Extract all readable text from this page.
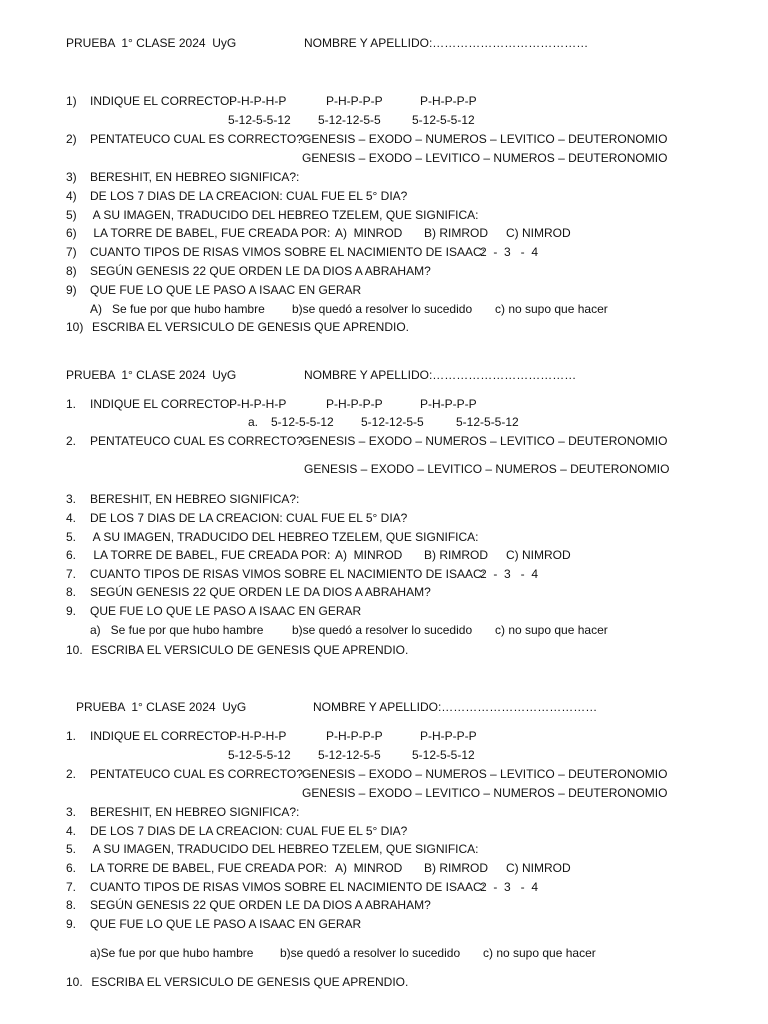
PRUEBA  1° CLASE 2024  UyG	NOMBRE Y APELLIDO:…………………………………
1) INDIQUE EL CORRECTO:
P-H-P-H-P	P-H-P-P-P	P-H-P-P-P
5-12-5-5-12 5-12-12-5-5	5-12-5-5-12
2) PENTATEUCO CUAL ES CORRECTO? GENESIS – EXODO – NUMEROS – LEVITICO – DEUTERONOMIO
GENESIS – EXODO – LEVITICO – NUMEROS – DEUTERONOMIO
3) BERESHIT, EN HEBREO SIGNIFICA?:
4) DE LOS 7 DIAS DE LA CREACION: CUAL FUE EL 5° DIA?
5) A SU IMAGEN, TRADUCIDO DEL HEBREO TZELEM, QUE SIGNIFICA:
6) LA TORRE DE BABEL, FUE CREADA POR: A)  MINROD B) RIMROD C) NIMROD
7) CUANTO TIPOS DE RISAS VIMOS SOBRE EL NACIMIENTO DE ISAAC:
2  -  3   -  4
8) SEGÚN GENESIS 22 QUE ORDEN LE DA DIOS A ABRAHAM?
9) QUE FUE LO QUE LE PASO A ISAAC EN GERAR
A)   Se fue por que hubo hambre b)se quedó a resolver lo sucedido c) no supo que hacer
10) ESCRIBA EL VERSICULO DE GENESIS QUE APRENDIO.
PRUEBA  1° CLASE 2024  UyG	NOMBRE Y APELLIDO:………………………………
1. INDIQUE EL CORRECTO:
P-H-P-H-P	P-H-P-P-P	P-H-P-P-P
a. 5-12-5-5-12 5-12-12-5-5	5-12-5-5-12
2. PENTATEUCO CUAL ES CORRECTO? GENESIS – EXODO – NUMEROS – LEVITICO – DEUTERONOMIO
GENESIS – EXODO – LEVITICO – NUMEROS – DEUTERONOMIO
3. BERESHIT, EN HEBREO SIGNIFICA?:
4. DE LOS 7 DIAS DE LA CREACION: CUAL FUE EL 5° DIA?
5. A SU IMAGEN, TRADUCIDO DEL HEBREO TZELEM, QUE SIGNIFICA:
6. LA TORRE DE BABEL, FUE CREADA POR: A)  MINROD B) RIMROD C) NIMROD
7. CUANTO TIPOS DE RISAS VIMOS SOBRE EL NACIMIENTO DE ISAAC:
2  -  3   -  4
8. SEGÚN GENESIS 22 QUE ORDEN LE DA DIOS A ABRAHAM?
9. QUE FUE LO QUE LE PASO A ISAAC EN GERAR
a)   Se fue por que hubo hambre b)se quedó a resolver lo sucedido c) no supo que hacer
10. ESCRIBA EL VERSICULO DE GENESIS QUE APRENDIO.
PRUEBA  1° CLASE 2024  UyG	NOMBRE Y APELLIDO:…………………………………
1. INDIQUE EL CORRECTO:
P-H-P-H-P	P-H-P-P-P	P-H-P-P-P
5-12-5-5-12 5-12-12-5-5	5-12-5-5-12
2. PENTATEUCO CUAL ES CORRECTO? GENESIS – EXODO – NUMEROS – LEVITICO – DEUTERONOMIO
GENESIS – EXODO – LEVITICO – NUMEROS – DEUTERONOMIO
3. BERESHIT, EN HEBREO SIGNIFICA?:
4. DE LOS 7 DIAS DE LA CREACION: CUAL FUE EL 5° DIA?
5. A SU IMAGEN, TRADUCIDO DEL HEBREO TZELEM, QUE SIGNIFICA:
6. LA TORRE DE BABEL, FUE CREADA POR: A)  MINROD B) RIMROD C) NIMROD
7. CUANTO TIPOS DE RISAS VIMOS SOBRE EL NACIMIENTO DE ISAAC:
2  -  3   -  4
8. SEGÚN GENESIS 22 QUE ORDEN LE DA DIOS A ABRAHAM?
9. QUE FUE LO QUE LE PASO A ISAAC EN GERAR
a)Se fue por que hubo hambre b)se quedó a resolver lo sucedido c) no supo que hacer
10. ESCRIBA EL VERSICULO DE GENESIS QUE APRENDIO.
